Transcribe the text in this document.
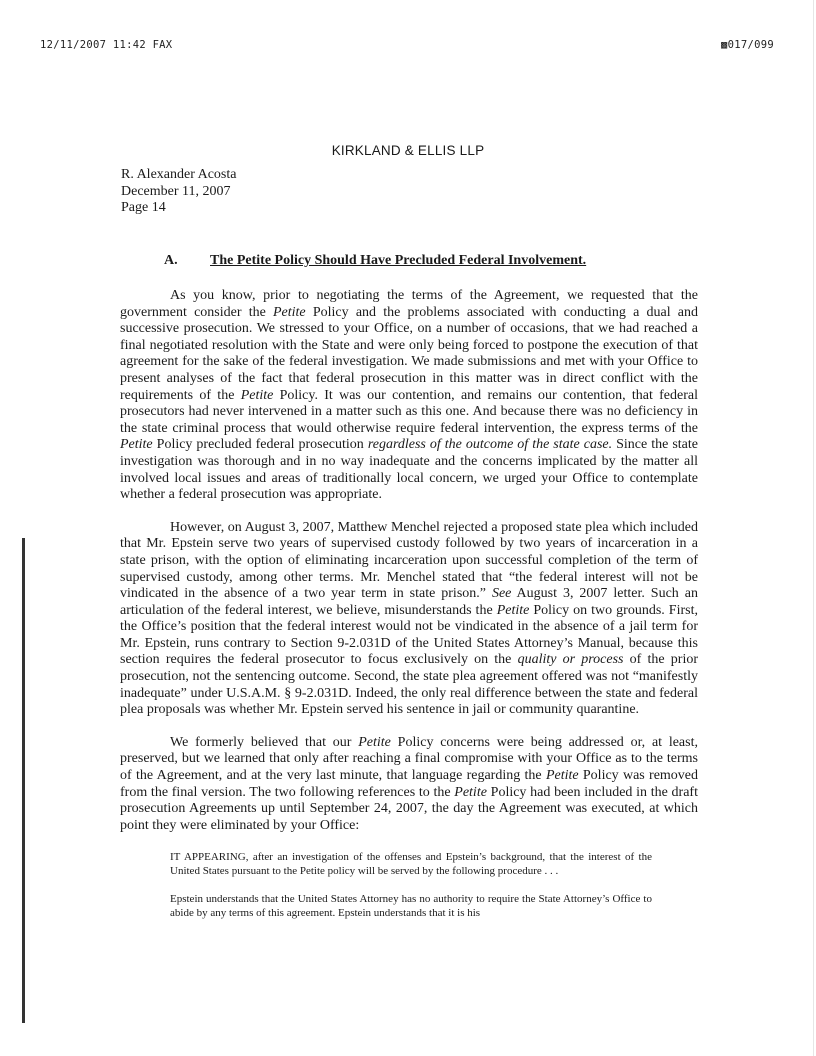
12/11/2007 11:42 FAX	▩017/099
KIRKLAND & ELLIS LLP
R. Alexander Acosta
December 11, 2007
Page 14
A. The Petite Policy Should Have Precluded Federal Involvement.

As you know, prior to negotiating the terms of the Agreement, we requested that the government consider the Petite Policy and the problems associated with conducting a dual and successive prosecution. We stressed to your Office, on a number of occasions, that we had reached a final negotiated resolution with the State and were only being forced to postpone the execution of that agreement for the sake of the federal investigation. We made submissions and met with your Office to present analyses of the fact that federal prosecution in this matter was in direct conflict with the requirements of the Petite Policy. It was our contention, and remains our contention, that federal prosecutors had never intervened in a matter such as this one. And because there was no deficiency in the state criminal process that would otherwise require federal intervention, the express terms of the Petite Policy precluded federal prosecution regardless of the outcome of the state case. Since the state investigation was thorough and in no way inadequate and the concerns implicated by the matter all involved local issues and areas of traditionally local concern, we urged your Office to contemplate whether a federal prosecution was appropriate.

However, on August 3, 2007, Matthew Menchel rejected a proposed state plea which included that Mr. Epstein serve two years of supervised custody followed by two years of incarceration in a state prison, with the option of eliminating incarceration upon successful completion of the term of supervised custody, among other terms. Mr. Menchel stated that “the federal interest will not be vindicated in the absence of a two year term in state prison.” See August 3, 2007 letter. Such an articulation of the federal interest, we believe, misunderstands the Petite Policy on two grounds. First, the Office’s position that the federal interest would not be vindicated in the absence of a jail term for Mr. Epstein, runs contrary to Section 9-2.031D of the United States Attorney’s Manual, because this section requires the federal prosecutor to focus exclusively on the quality or process of the prior prosecution, not the sentencing outcome. Second, the state plea agreement offered was not “manifestly inadequate” under U.S.A.M. § 9-2.031D. Indeed, the only real difference between the state and federal plea proposals was whether Mr. Epstein served his sentence in jail or community quarantine.

We formerly believed that our Petite Policy concerns were being addressed or, at least, preserved, but we learned that only after reaching a final compromise with your Office as to the terms of the Agreement, and at the very last minute, that language regarding the Petite Policy was removed from the final version. The two following references to the Petite Policy had been included in the draft prosecution Agreements up until September 24, 2007, the day the Agreement was executed, at which point they were eliminated by your Office:

IT APPEARING, after an investigation of the offenses and Epstein’s background, that the interest of the United States pursuant to the Petite policy will be served by the following procedure . . .

Epstein understands that the United States Attorney has no authority to require the State Attorney’s Office to abide by any terms of this agreement. Epstein understands that it is his
